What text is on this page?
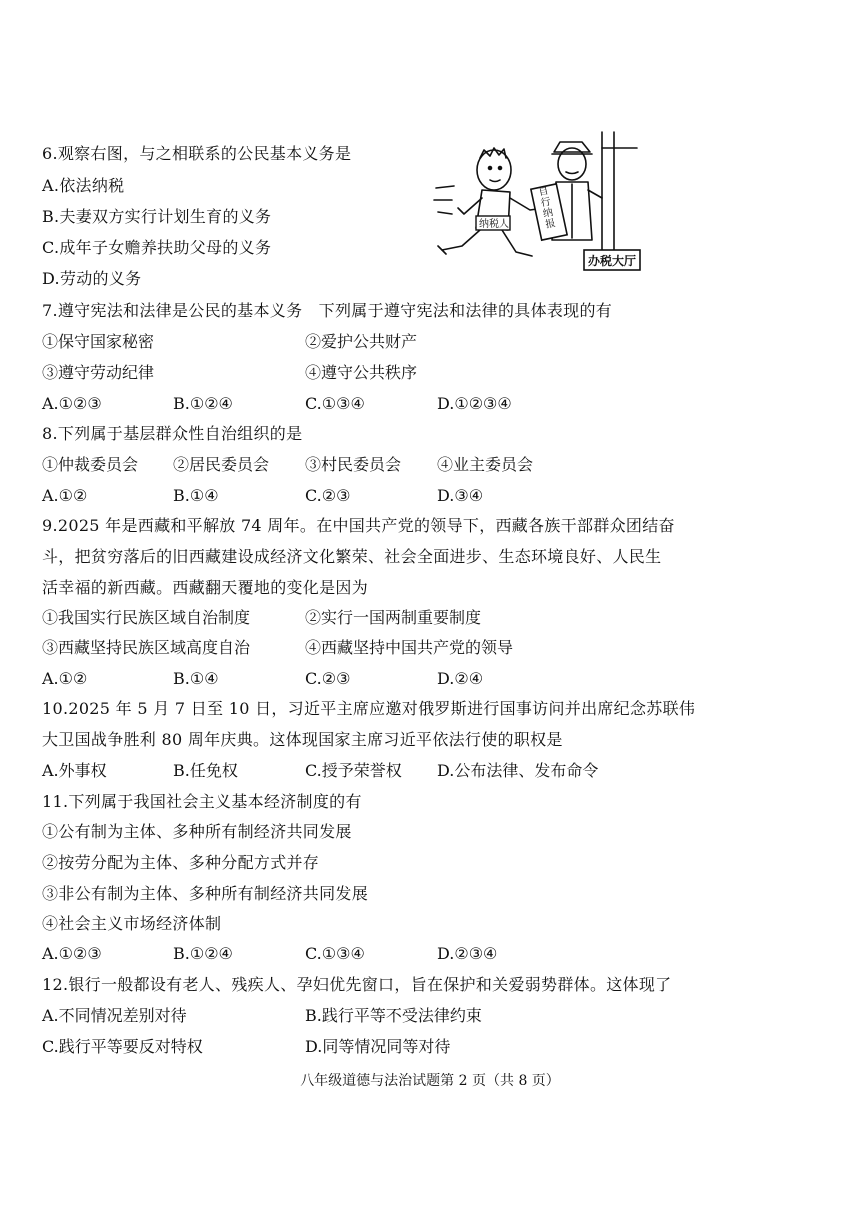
6.观察右图，与之相联系的公民基本义务是
A.依法纳税
B.夫妻双方实行计划生育的义务
C.成年子女赡养扶助父母的义务
D.劳动的义务
纳税人
办税大厅
自行纳报
7.遵守宪法和法律是公民的基本义务　下列属于遵守宪法和法律的具体表现的有
①保守国家秘密	②爱护公共财产
③遵守劳动纪律	④遵守公共秩序
A.①②③	B.①②④	C.①③④	D.①②③④
8.下列属于基层群众性自治组织的是
①仲裁委员会 ②居民委员会 ③村民委员会 ④业主委员会
A.①②	B.①④	C.②③	D.③④
9.2025 年是西藏和平解放 74 周年。在中国共产党的领导下，西藏各族干部群众团结奋
斗，把贫穷落后的旧西藏建设成经济文化繁荣、社会全面进步、生态环境良好、人民生
活幸福的新西藏。西藏翻天覆地的变化是因为
①我国实行民族区域自治制度	②实行一国两制重要制度
③西藏坚持民族区域高度自治	④西藏坚持中国共产党的领导
A.①②	B.①④	C.②③	D.②④
10.2025 年 5 月 7 日至 10 日，习近平主席应邀对俄罗斯进行国事访问并出席纪念苏联伟
大卫国战争胜利 80 周年庆典。这体现国家主席习近平依法行使的职权是
A.外事权	B.任免权	C.授予荣誉权 D.公布法律、发布命令
11.下列属于我国社会主义基本经济制度的有
①公有制为主体、多种所有制经济共同发展
②按劳分配为主体、多种分配方式并存
③非公有制为主体、多种所有制经济共同发展
④社会主义市场经济体制
A.①②③	B.①②④	C.①③④	D.②③④
12.银行一般都设有老人、残疾人、孕妇优先窗口，旨在保护和关爱弱势群体。这体现了
A.不同情况差别对待	B.践行平等不受法律约束
C.践行平等要反对特权	D.同等情况同等对待
八年级道德与法治试题第 2 页（共 8 页）
